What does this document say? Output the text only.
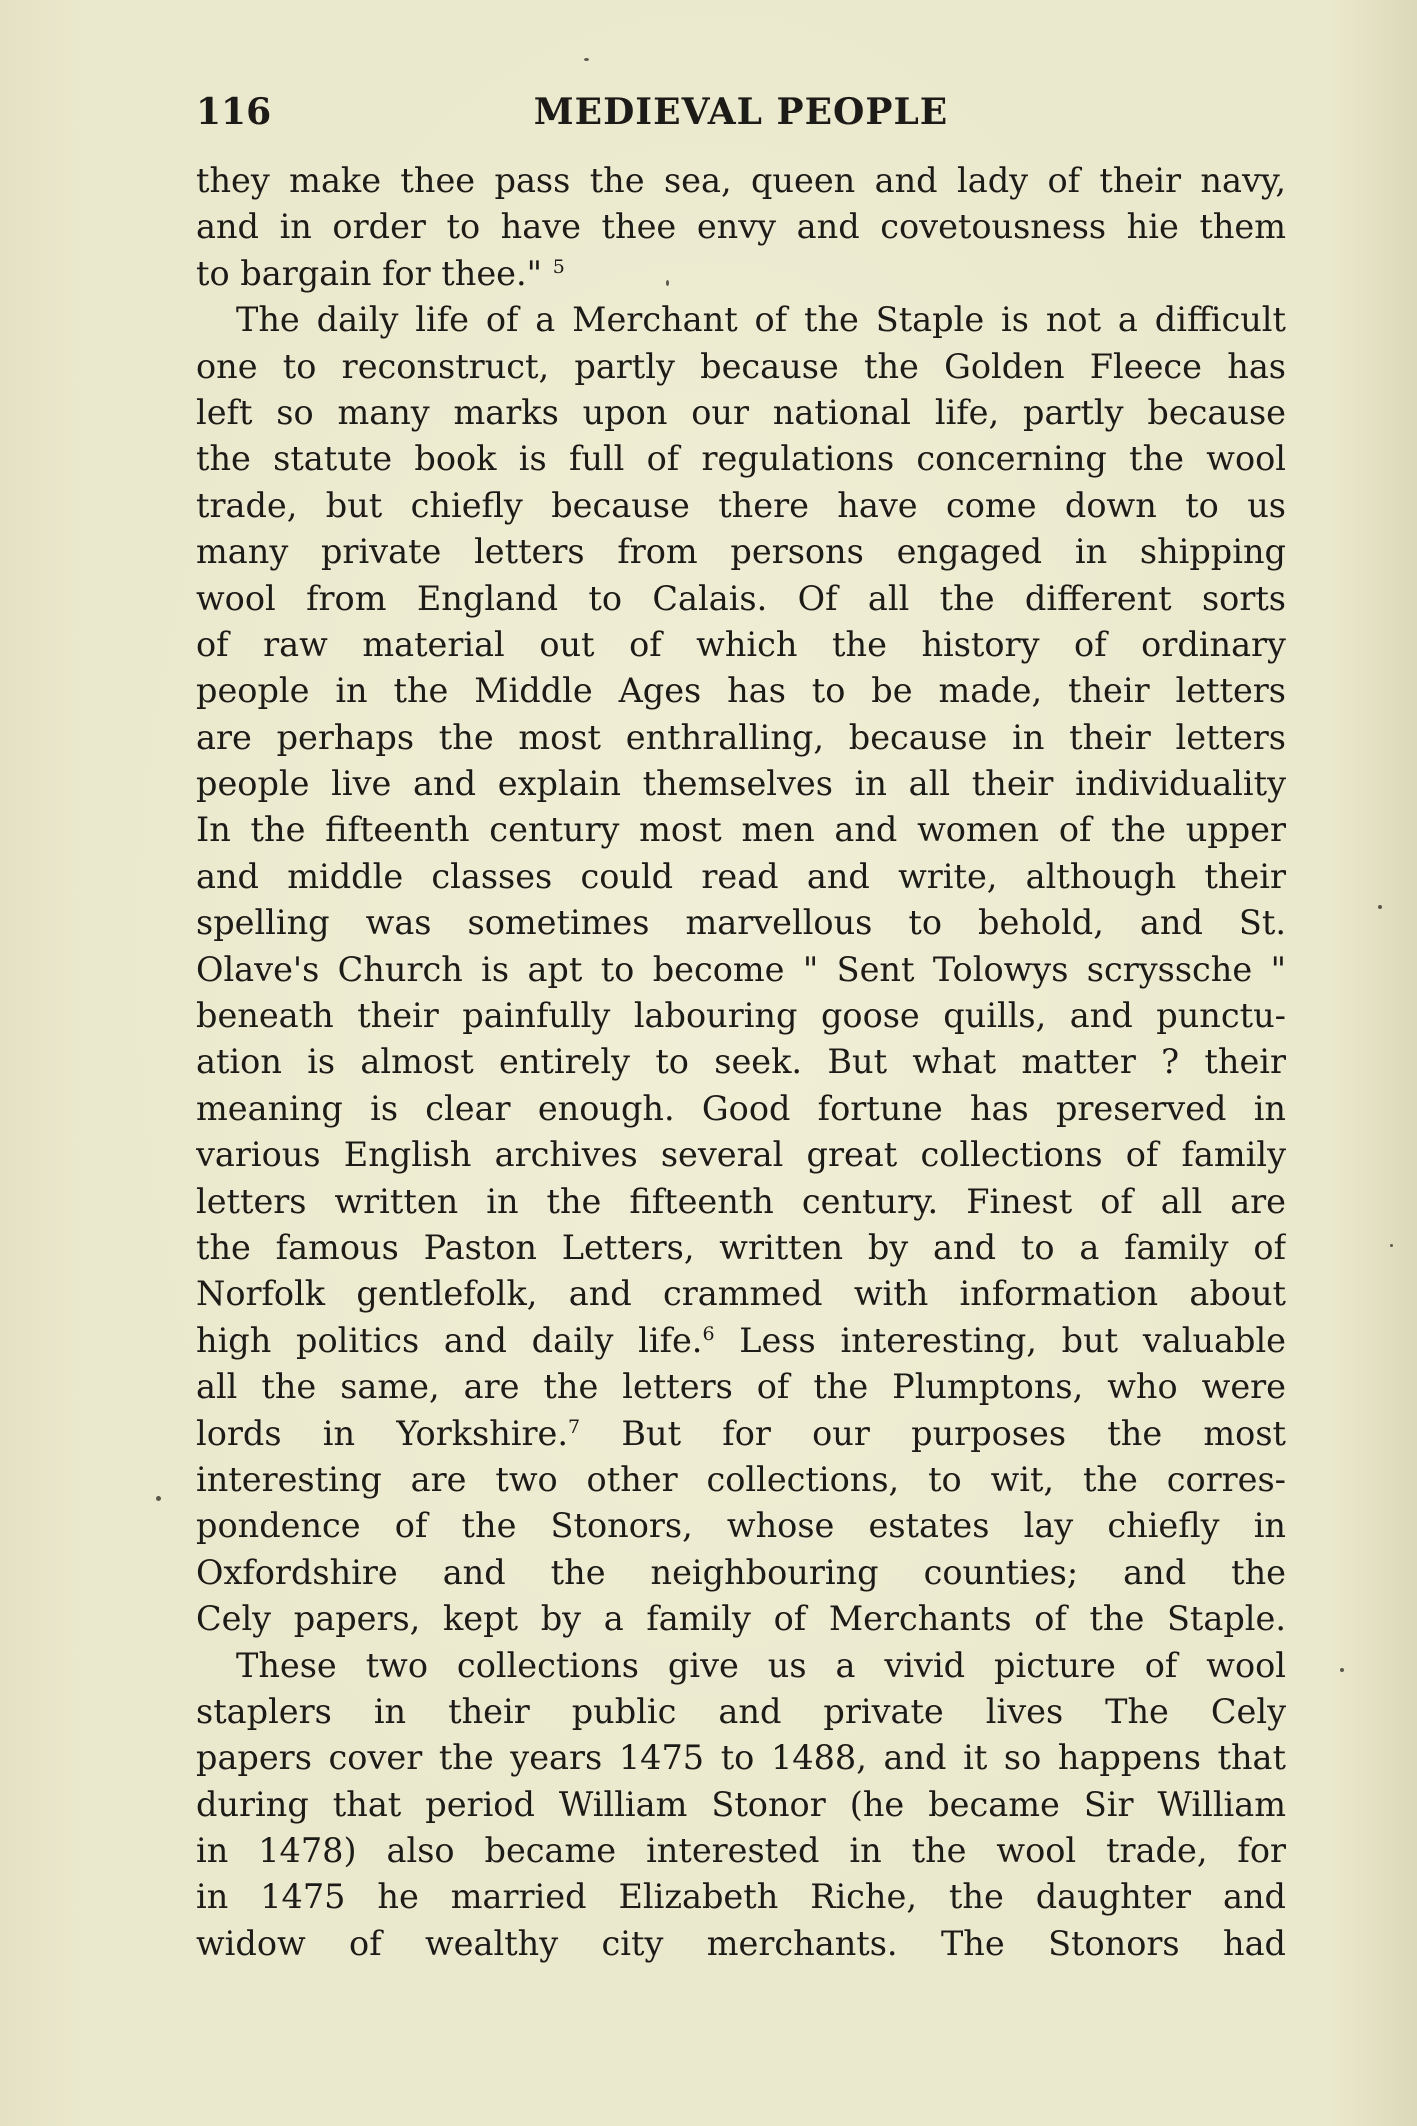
116	MEDIEVAL PEOPLE
they make thee pass the sea, queen and lady of their navy,
and in order to have thee envy and covetousness hie them
to bargain for thee." $^5$
The daily life of a Merchant of the Staple is not a difficult
one to reconstruct, partly because the Golden Fleece has
left so many marks upon our national life, partly because
the statute book is full of regulations concerning the wool
trade, but chiefly because there have come down to us
many private letters from persons engaged in shipping
wool from England to Calais. Of all the different sorts
of raw material out of which the history of ordinary
people in the Middle Ages has to be made, their letters
are perhaps the most enthralling, because in their letters
people live and explain themselves in all their individuality
In the fifteenth century most men and women of the upper
and middle classes could read and write, although their
spelling was sometimes marvellous to behold, and St.
Olave's Church is apt to become " Sent Tolowys scryssche "
beneath their painfully labouring goose quills, and punctu-
ation is almost entirely to seek. But what matter ? their
meaning is clear enough. Good fortune has preserved in
various English archives several great collections of family
letters written in the fifteenth century. Finest of all are
the famous Paston Letters, written by and to a family of
Norfolk gentlefolk, and crammed with information about
high politics and daily life.$^6$ Less interesting, but valuable
all the same, are the letters of the Plumptons, who were
lords in Yorkshire.$^7$ But for our purposes the most
interesting are two other collections, to wit, the corres-
pondence of the Stonors, whose estates lay chiefly in
Oxfordshire and the neighbouring counties; and the
Cely papers, kept by a family of Merchants of the Staple.
These two collections give us a vivid picture of wool
staplers in their public and private lives The Cely
papers cover the years 1475 to 1488, and it so happens that
during that period William Stonor (he became Sir William
in 1478) also became interested in the wool trade, for
in 1475 he married Elizabeth Riche, the daughter and
widow of wealthy city merchants. The Stonors had
